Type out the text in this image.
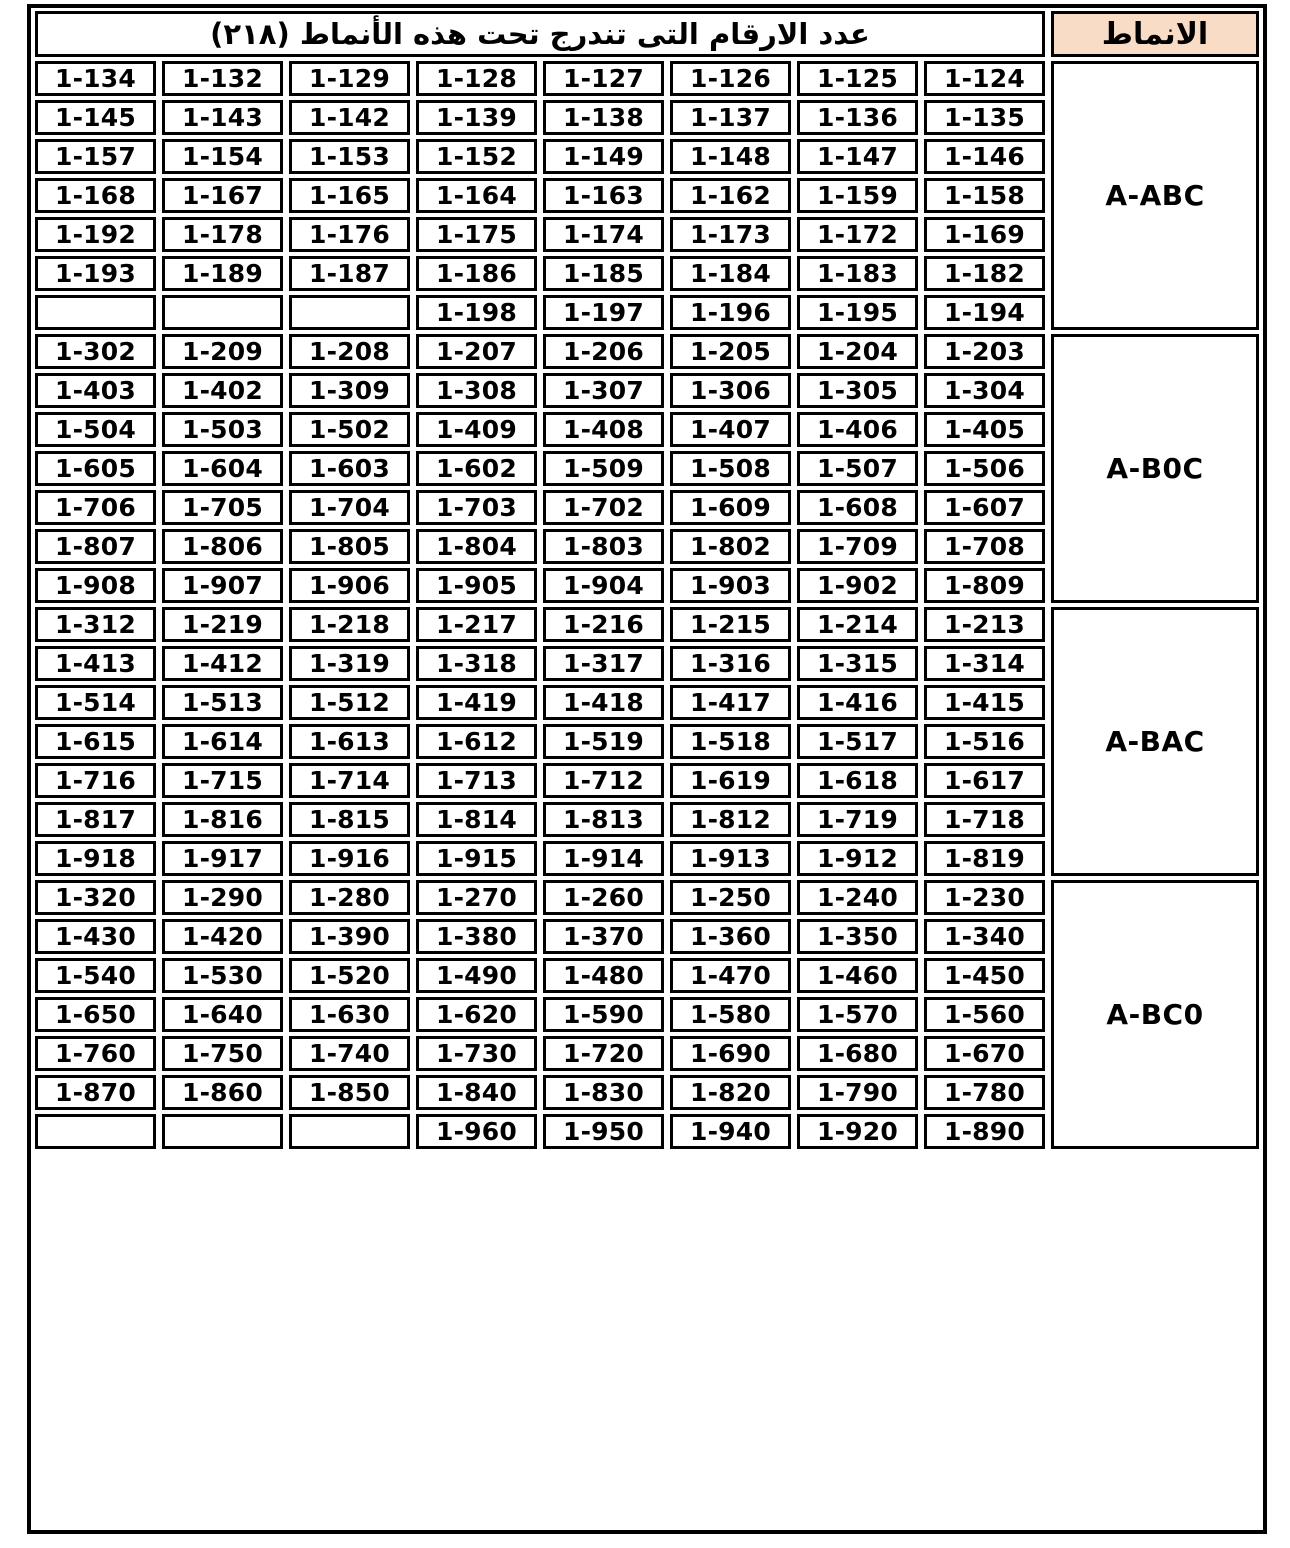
الانماط
عدد الارقام التى تندرج تحت هذه الأنماط (٢١٨)
A-ABC
1-124
1-125
1-126
1-127
1-128
1-129
1-132
1-134
1-135
1-136
1-137
1-138
1-139
1-142
1-143
1-145
1-146
1-147
1-148
1-149
1-152
1-153
1-154
1-157
1-158
1-159
1-162
1-163
1-164
1-165
1-167
1-168
1-169
1-172
1-173
1-174
1-175
1-176
1-178
1-192
1-182
1-183
1-184
1-185
1-186
1-187
1-189
1-193
1-194
1-195
1-196
1-197
1-198
A-B0C
1-203
1-204
1-205
1-206
1-207
1-208
1-209
1-302
1-304
1-305
1-306
1-307
1-308
1-309
1-402
1-403
1-405
1-406
1-407
1-408
1-409
1-502
1-503
1-504
1-506
1-507
1-508
1-509
1-602
1-603
1-604
1-605
1-607
1-608
1-609
1-702
1-703
1-704
1-705
1-706
1-708
1-709
1-802
1-803
1-804
1-805
1-806
1-807
1-809
1-902
1-903
1-904
1-905
1-906
1-907
1-908
A-BAC
1-213
1-214
1-215
1-216
1-217
1-218
1-219
1-312
1-314
1-315
1-316
1-317
1-318
1-319
1-412
1-413
1-415
1-416
1-417
1-418
1-419
1-512
1-513
1-514
1-516
1-517
1-518
1-519
1-612
1-613
1-614
1-615
1-617
1-618
1-619
1-712
1-713
1-714
1-715
1-716
1-718
1-719
1-812
1-813
1-814
1-815
1-816
1-817
1-819
1-912
1-913
1-914
1-915
1-916
1-917
1-918
A-BC0
1-230
1-240
1-250
1-260
1-270
1-280
1-290
1-320
1-340
1-350
1-360
1-370
1-380
1-390
1-420
1-430
1-450
1-460
1-470
1-480
1-490
1-520
1-530
1-540
1-560
1-570
1-580
1-590
1-620
1-630
1-640
1-650
1-670
1-680
1-690
1-720
1-730
1-740
1-750
1-760
1-780
1-790
1-820
1-830
1-840
1-850
1-860
1-870
1-890
1-920
1-940
1-950
1-960
